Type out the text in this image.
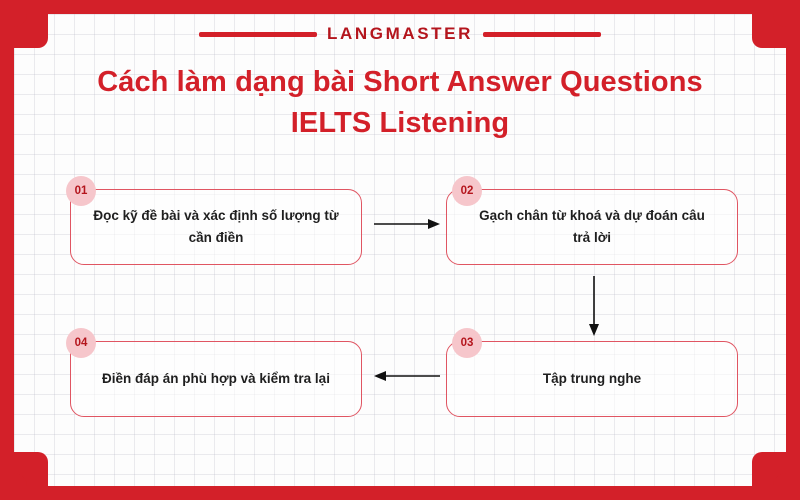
LANGMASTER
Cách làm dạng bài Short Answer Questions
IELTS Listening
Đọc kỹ đề bài và xác định số lượng từ cần điền
01
Gạch chân từ khoá và dự đoán câu trả lời
02
Tập trung nghe
03
Điền đáp án phù hợp và kiểm tra lại
04
